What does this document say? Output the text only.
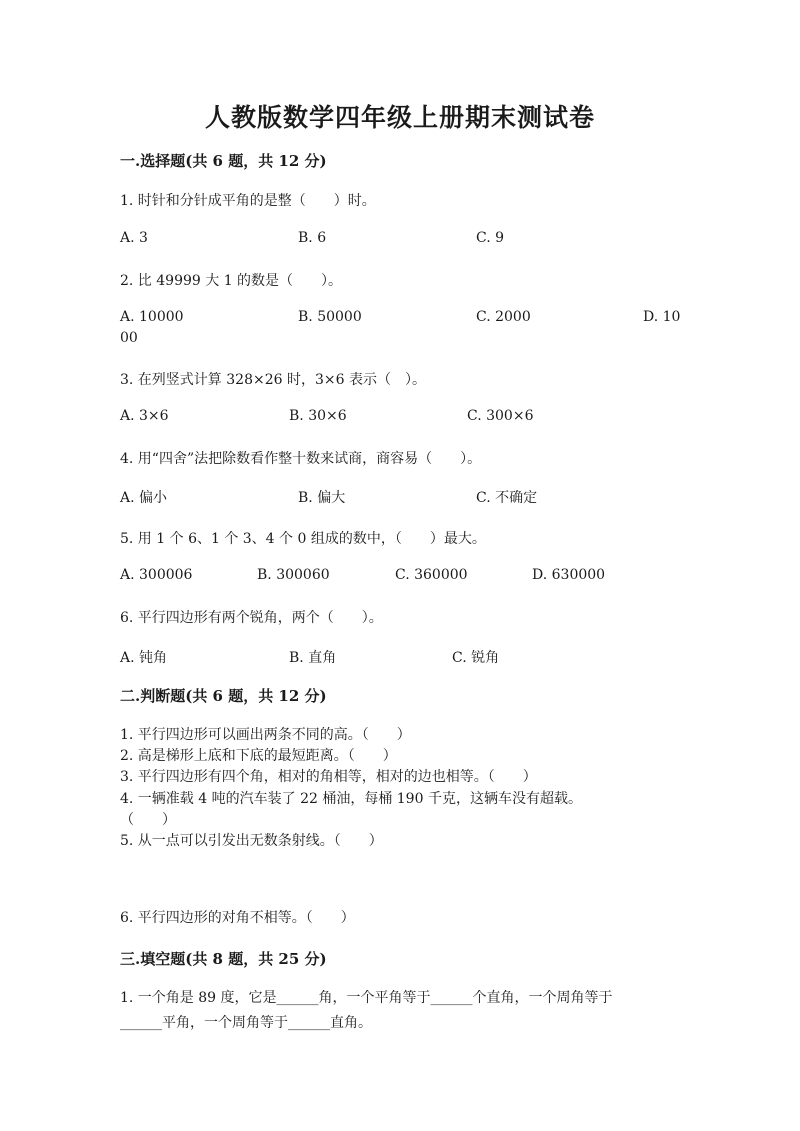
人教版数学四年级上册期末测试卷
一.选择题(共 6 题，共 12 分)
1. 时针和分针成平角的是整（　　）时。
A. 3	B. 6	C. 9
2. 比 49999 大 1 的数是（　　）。
A. 10000	B. 50000	C. 2000	D. 10
00
3. 在列竖式计算 328×26 时，3×6 表示（　）。
A. 3×6	B. 30×6	C. 300×6
4. 用“四舍”法把除数看作整十数来试商，商容易（　　）。
A. 偏小	B. 偏大	C. 不确定
5. 用 1 个 6、1 个 3、4 个 0 组成的数中，（　　）最大。
A. 300006	B. 300060	C. 360000	D. 630000
6. 平行四边形有两个锐角，两个（　　）。
A. 钝角	B. 直角	C. 锐角
二.判断题(共 6 题，共 12 分)
1. 平行四边形可以画出两条不同的高。（　　）
2. 高是梯形上底和下底的最短距离。（　　）
3. 平行四边形有四个角，相对的角相等，相对的边也相等。（　　）
4. 一辆准载 4 吨的汽车装了 22 桶油，每桶 190 千克，这辆车没有超载。
（　　）
5. 从一点可以引发出无数条射线。（　　）
6. 平行四边形的对角不相等。（　　）
三.填空题(共 8 题，共 25 分)
1. 一个角是 89 度，它是______角，一个平角等于______个直角，一个周角等于
______平角，一个周角等于______直角。
